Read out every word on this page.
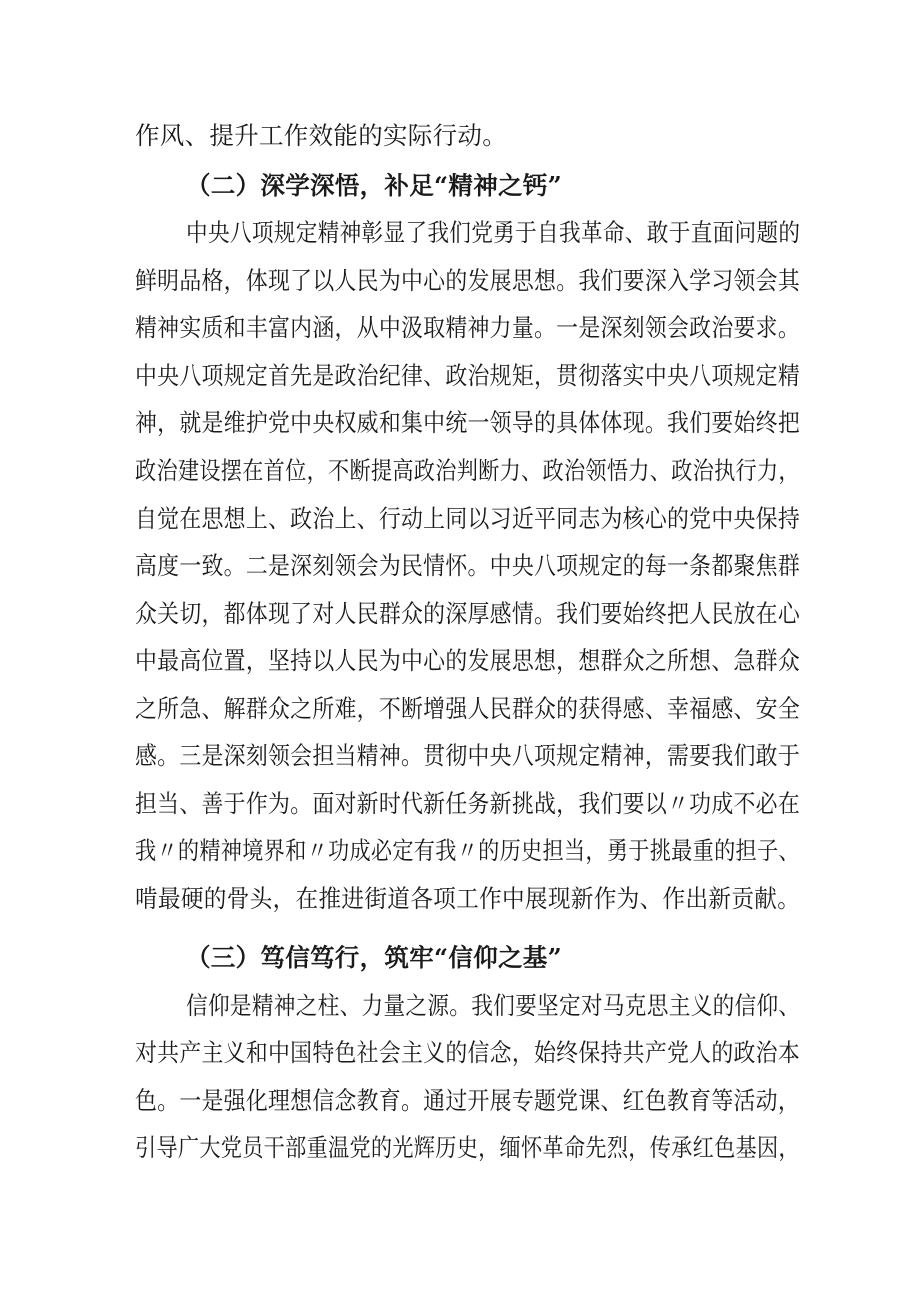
作风、提升工作效能的实际行动。
（二）深学深悟，补足“精神之钙”
中央八项规定精神彰显了我们党勇于自我革命、敢于直面问题的
鲜明品格，体现了以人民为中心的发展思想。我们要深入学习领会其
精神实质和丰富内涵，从中汲取精神力量。一是深刻领会政治要求。
中央八项规定首先是政治纪律、政治规矩，贯彻落实中央八项规定精
神，就是维护党中央权威和集中统一领导的具体体现。我们要始终把
政治建设摆在首位，不断提高政治判断力、政治领悟力、政治执行力，
自觉在思想上、政治上、行动上同以习近平同志为核心的党中央保持
高度一致。二是深刻领会为民情怀。中央八项规定的每一条都聚焦群
众关切，都体现了对人民群众的深厚感情。我们要始终把人民放在心
中最高位置，坚持以人民为中心的发展思想，想群众之所想、急群众
之所急、解群众之所难，不断增强人民群众的获得感、幸福感、安全
感。三是深刻领会担当精神。贯彻中央八项规定精神，需要我们敢于
担当、善于作为。面对新时代新任务新挑战，我们要以〃功成不必在
我〃的精神境界和〃功成必定有我〃的历史担当，勇于挑最重的担子、
啃最硬的骨头，在推进街道各项工作中展现新作为、作出新贡献。
（三）笃信笃行，筑牢“信仰之基”
信仰是精神之柱、力量之源。我们要坚定对马克思主义的信仰、
对共产主义和中国特色社会主义的信念，始终保持共产党人的政治本
色。一是强化理想信念教育。通过开展专题党课、红色教育等活动，
引导广大党员干部重温党的光辉历史，缅怀革命先烈，传承红色基因，
